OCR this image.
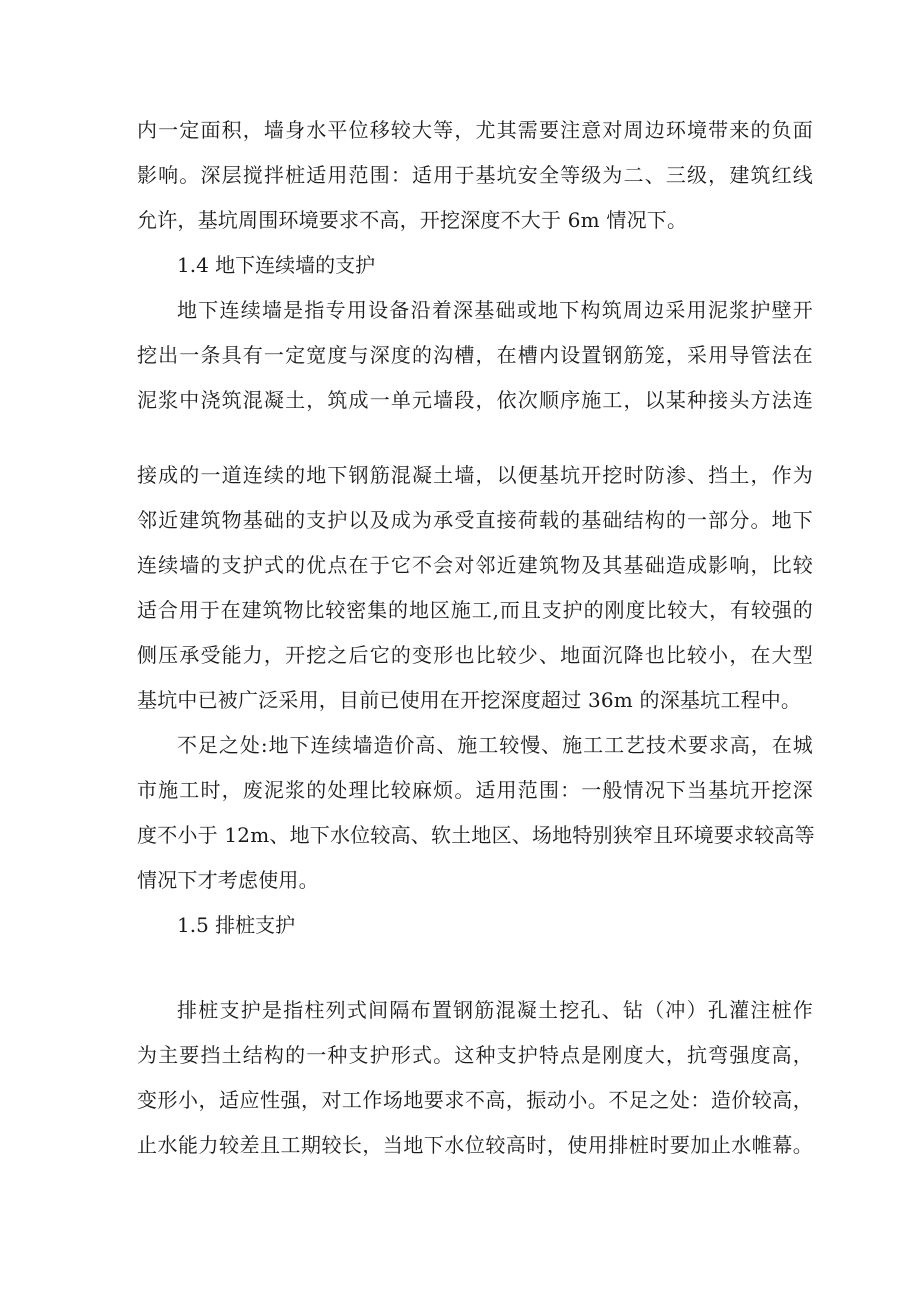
内一定面积，墙身水平位移较大等，尤其需要注意对周边环境带来的负面
影响。深层搅拌桩适用范围：适用于基坑安全等级为二、三级，建筑红线
允许，基坑周围环境要求不高，开挖深度不大于 6m 情况下。
1.4 地下连续墙的支护
地下连续墙是指专用设备沿着深基础或地下构筑周边采用泥浆护壁开
挖出一条具有一定宽度与深度的沟槽，在槽内设置钢筋笼，采用导管法在
泥浆中浇筑混凝土，筑成一单元墙段，依次顺序施工，以某种接头方法连
接成的一道连续的地下钢筋混凝土墙，以便基坑开挖时防渗、挡土，作为
邻近建筑物基础的支护以及成为承受直接荷载的基础结构的一部分。地下
连续墙的支护式的优点在于它不会对邻近建筑物及其基础造成影响，比较
适合用于在建筑物比较密集的地区施工,而且支护的刚度比较大，有较强的
侧压承受能力，开挖之后它的变形也比较少、地面沉降也比较小，在大型
基坑中已被广泛采用，目前已使用在开挖深度超过 36m 的深基坑工程中。
不足之处:地下连续墙造价高、施工较慢、施工工艺技术要求高，在城
市施工时，废泥浆的处理比较麻烦。适用范围：一般情况下当基坑开挖深
度不小于 12m、地下水位较高、软土地区、场地特别狭窄且环境要求较高等
情况下才考虑使用。
1.5 排桩支护
排桩支护是指柱列式间隔布置钢筋混凝土挖孔、钻（冲）孔灌注桩作
为主要挡土结构的一种支护形式。这种支护特点是刚度大，抗弯强度高，
变形小，适应性强，对工作场地要求不高，振动小。不足之处：造价较高，
止水能力较差且工期较长，当地下水位较高时，使用排桩时要加止水帷幕。
